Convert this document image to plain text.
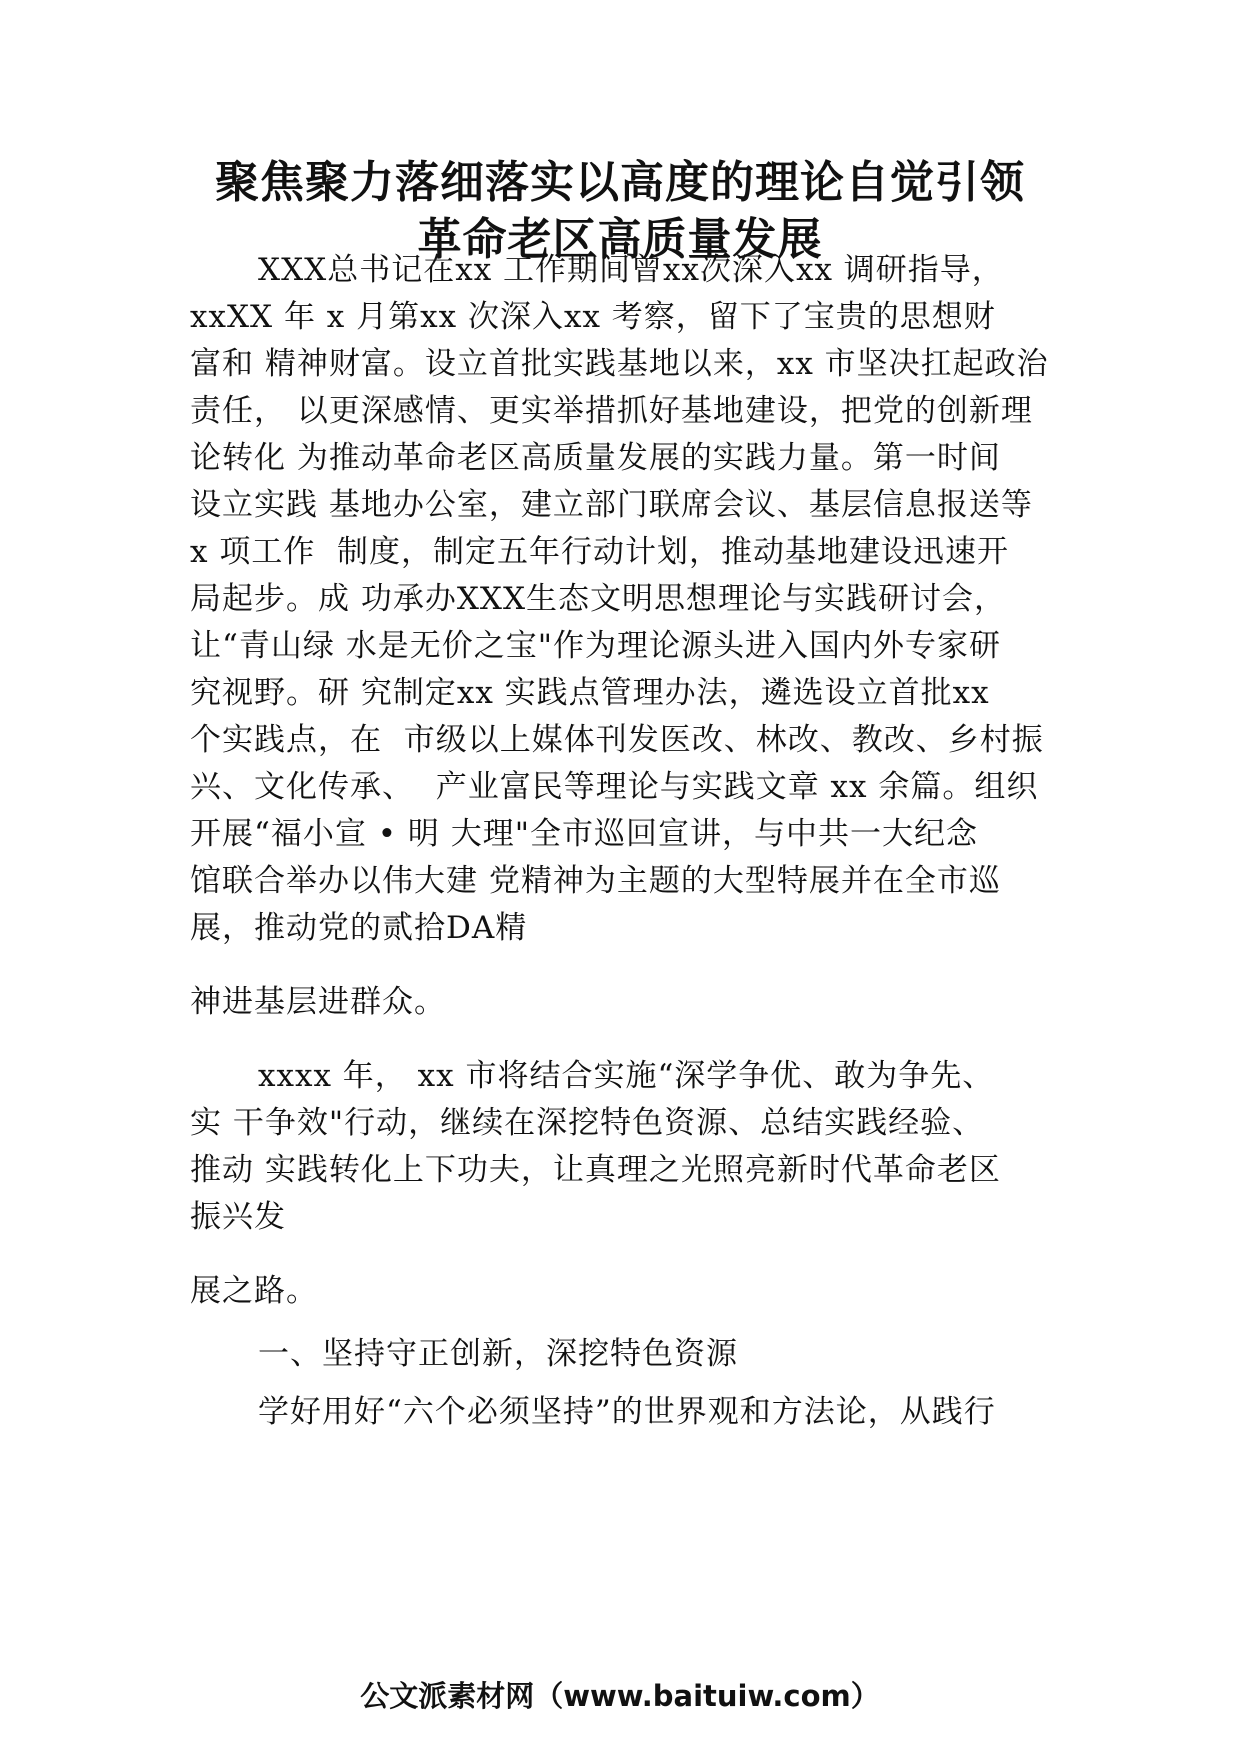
聚焦聚力落细落实以高度的理论自觉引领
革命老区高质量发展
XXX总书记在xx 工作期间曾xx次深入xx 调研指导，
xxXX 年 x 月第xx 次深入xx 考察，留下了宝贵的思想财
富和 精神财富。设立首批实践基地以来，xx 市坚决扛起政治
责任， 以更深感情、更实举措抓好基地建设，把党的创新理
论转化 为推动革命老区高质量发展的实践力量。第一时间
设立实践 基地办公室，建立部门联席会议、基层信息报送等
x 项工作  制度，制定五年行动计划，推动基地建设迅速开
局起步。成 功承办XXX生态文明思想理论与实践研讨会，
让“青山绿 水是无价之宝"作为理论源头进入国内外专家研
究视野。研 究制定xx 实践点管理办法，遴选设立首批xx
个实践点，在  市级以上媒体刊发医改、林改、教改、乡村振
兴、文化传承、  产业富民等理论与实践文章 xx 余篇。组织
开展“福小宣 • 明 大理"全市巡回宣讲，与中共一大纪念
馆联合举办以伟大建 党精神为主题的大型特展并在全市巡
展，推动党的贰拾DA精
神进基层进群众。
xxxx 年， xx 市将结合实施“深学争优、敢为争先、
实 干争效"行动，继续在深挖特色资源、总结实践经验、
推动 实践转化上下功夫，让真理之光照亮新时代革命老区
振兴发
展之路。
一、坚持守正创新，深挖特色资源
学好用好“六个必须坚持”的世界观和方法论，从践行
公文派素材网（www.baituiw.com）
